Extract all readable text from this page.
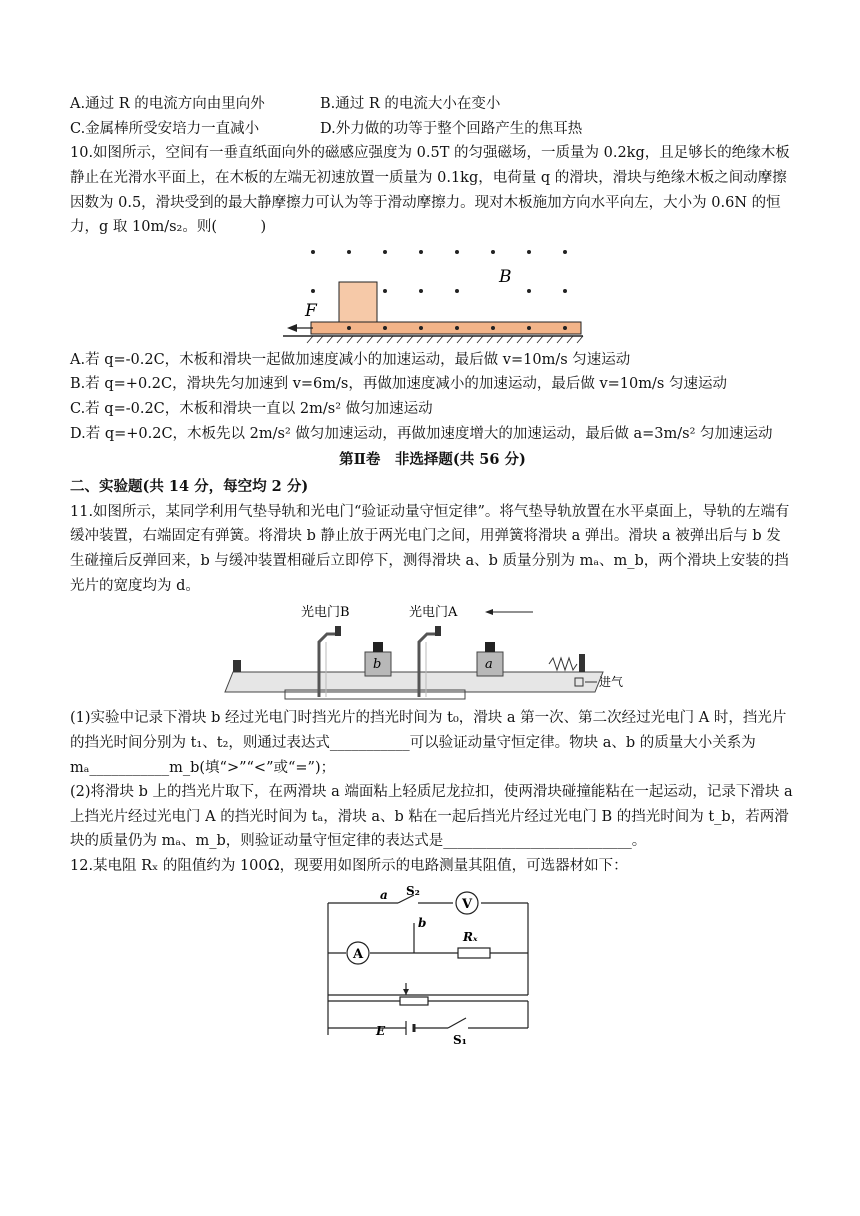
A.通过 R 的电流方向由里向外	B.通过 R 的电流大小在变小
C.金属棒所受安培力一直减小	D.外力做的功等于整个回路产生的焦耳热
10.如图所示，空间有一垂直纸面向外的磁感应强度为 0.5T 的匀强磁场，一质量为 0.2kg，且足够长的绝缘木板静止在光滑水平面上，在木板的左端无初速放置一质量为 0.1kg，电荷量 q 的滑块，滑块与绝缘木板之间动摩擦因数为 0.5，滑块受到的最大静摩擦力可认为等于滑动摩擦力。现对木板施加方向水平向左，大小为 0.6N 的恒力，g 取 10m/s₂。则(　　　)
F
B
A.若 q=-0.2C，木板和滑块一起做加速度减小的加速运动，最后做 v=10m/s 匀速运动
B.若 q=+0.2C，滑块先匀加速到 v=6m/s，再做加速度减小的加速运动，最后做 v=10m/s 匀速运动
C.若 q=-0.2C，木板和滑块一直以 2m/s² 做匀加速运动
D.若 q=+0.2C，木板先以 2m/s² 做匀加速运动，再做加速度增大的加速运动，最后做 a=3m/s² 匀加速运动
第Ⅱ卷　非选择题(共 56 分)
二、实验题(共 14 分，每空均 2 分)
11.如图所示，某同学利用气垫导轨和光电门“验证动量守恒定律”。将气垫导轨放置在水平桌面上，导轨的左端有缓冲装置，右端固定有弹簧。将滑块 b 静止放于两光电门之间，用弹簧将滑块 a 弹出。滑块 a 被弹出后与 b 发生碰撞后反弹回来，b 与缓冲装置相碰后立即停下，测得滑块 a、b 质量分别为 mₐ、m_b，两个滑块上安装的挡光片的宽度均为 d。
光电门B	光电门A
b	a
进气
(1)实验中记录下滑块 b 经过光电门时挡光片的挡光时间为 t₀，滑块 a 第一次、第二次经过光电门 A 时，挡光片的挡光时间分别为 t₁、t₂，则通过表达式___________可以验证动量守恒定律。物块 a、b 的质量大小关系为 mₐ___________m_b(填“>”“<”或“=”)；
(2)将滑块 b 上的挡光片取下，在两滑块 a 端面粘上轻质尼龙拉扣，使两滑块碰撞能粘在一起运动，记录下滑块 a 上挡光片经过光电门 A 的挡光时间为 tₐ，滑块 a、b 粘在一起后挡光片经过光电门 B 的挡光时间为 t_b，若两滑块的质量仍为 mₐ、m_b，则验证动量守恒定律的表达式是__________________________。
12.某电阻 Rₓ 的阻值约为 100Ω，现要用如图所示的电路测量其阻值，可选器材如下：
V
A
Rₓ
a S₂
b
E
S₁
